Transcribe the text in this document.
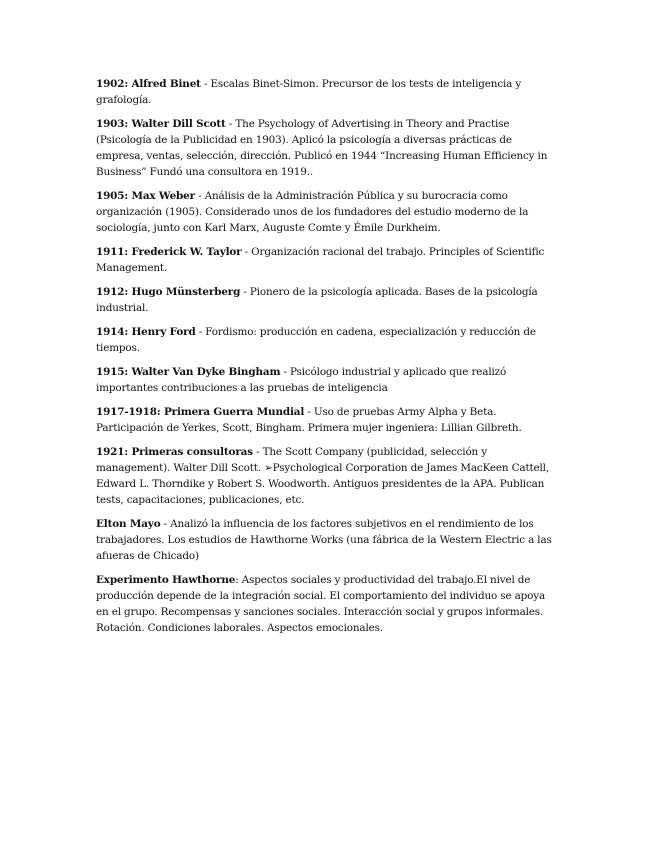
1902: Alfred Binet - Escalas Binet-Simon. Precursor de los tests de inteligencia y grafología.

1903: Walter Dill Scott - The Psychology of Advertising in Theory and Practise (Psicología de la Publicidad en 1903). Aplicó la psicología a diversas prácticas de empresa, ventas, selección, dirección. Publicó en 1944 “Increasing Human Efficiency in Business” Fundó una consultora en 1919..

1905: Max Weber - Análisis de la Administración Pública y su burocracia como organización (1905). Considerado unos de los fundadores del estudio moderno de la sociología, junto con Karl Marx, Auguste Comte y Émile Durkheim.

1911: Frederick W. Taylor - Organización racional del trabajo. Principles of Scientific Management.

1912: Hugo Münsterberg - Pionero de la psicología aplicada. Bases de la psicología industrial.

1914: Henry Ford - Fordismo: producción en cadena, especialización y reducción de tiempos.

1915: Walter Van Dyke Bingham - Psicólogo industrial y aplicado que realizó importantes contribuciones a las pruebas de inteligencia

1917-1918: Primera Guerra Mundial - Uso de pruebas Army Alpha y Beta. Participación de Yerkes, Scott, Bingham. Primera mujer ingeniera: Lillian Gilbreth.

1921: Primeras consultoras - The Scott Company (publicidad, selección y management). Walter Dill Scott. ➢Psychological Corporation de James MacKeen Cattell, Edward L. Thorndike y Robert S. Woodworth. Antiguos presidentes de la APA. Publican tests, capacitaciones, publicaciones, etc.

Elton Mayo - Analizó la influencia de los factores subjetivos en el rendimiento de los trabajadores. Los estudios de Hawthorne Works (una fábrica de la Western Electric a las afueras de Chicado)

Experimento Hawthorne: Aspectos sociales y productividad del trabajo.El nivel de producción depende de la integración social. El comportamiento del individuo se apoya en el grupo. Recompensas y sanciones sociales. Interacción social y grupos informales. Rotación. Condiciones laborales. Aspectos emocionales.
